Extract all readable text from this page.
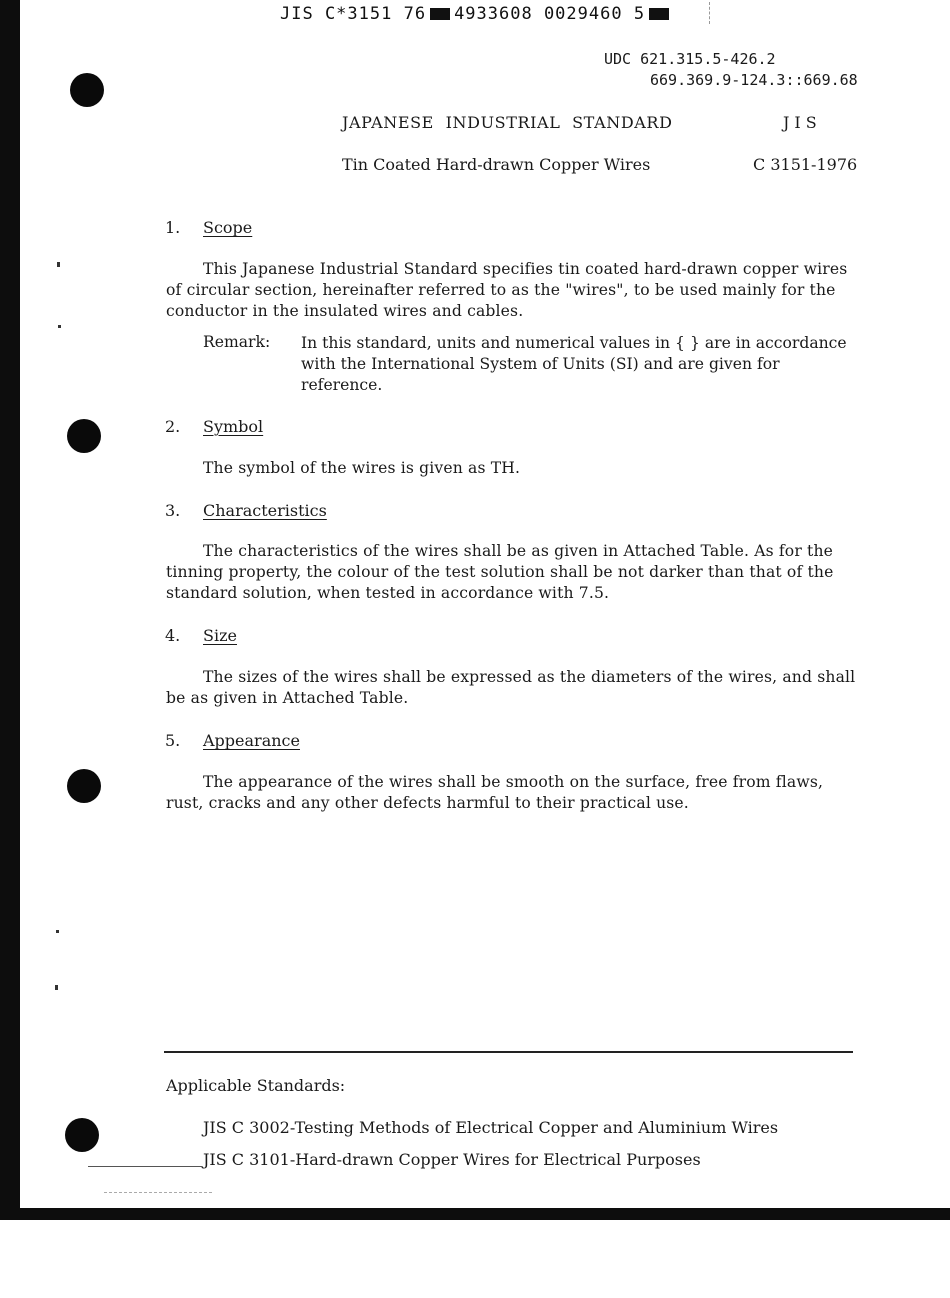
JIS C*3151 76 4933608 0029460 5
UDC 621.315.5-426.2
669.369.9-124.3::669.68
JAPANESE INDUSTRIAL STANDARD	JIS
Tin Coated Hard-drawn Copper Wires	C 3151-1976
1. Scope

This Japanese Industrial Standard specifies tin coated hard-drawn copper wires of circular section, hereinafter referred to as the "wires", to be used mainly for the conductor in the insulated wires and cables.

Remark: In this standard, units and numerical values in { } are in accordance with the International System of Units (SI) and are given for reference.

2. Symbol

The symbol of the wires is given as TH.

3. Characteristics

The characteristics of the wires shall be as given in Attached Table. As for the tinning property, the colour of the test solution shall be not darker than that of the standard solution, when tested in accordance with 7.5.

4. Size

The sizes of the wires shall be expressed as the diameters of the wires, and shall be as given in Attached Table.

5. Appearance

The appearance of the wires shall be smooth on the surface, free from flaws, rust, cracks and any other defects harmful to their practical use.

Applicable Standards:
JIS C 3002-Testing Methods of Electrical Copper and Aluminium Wires
JIS C 3101-Hard-drawn Copper Wires for Electrical Purposes
